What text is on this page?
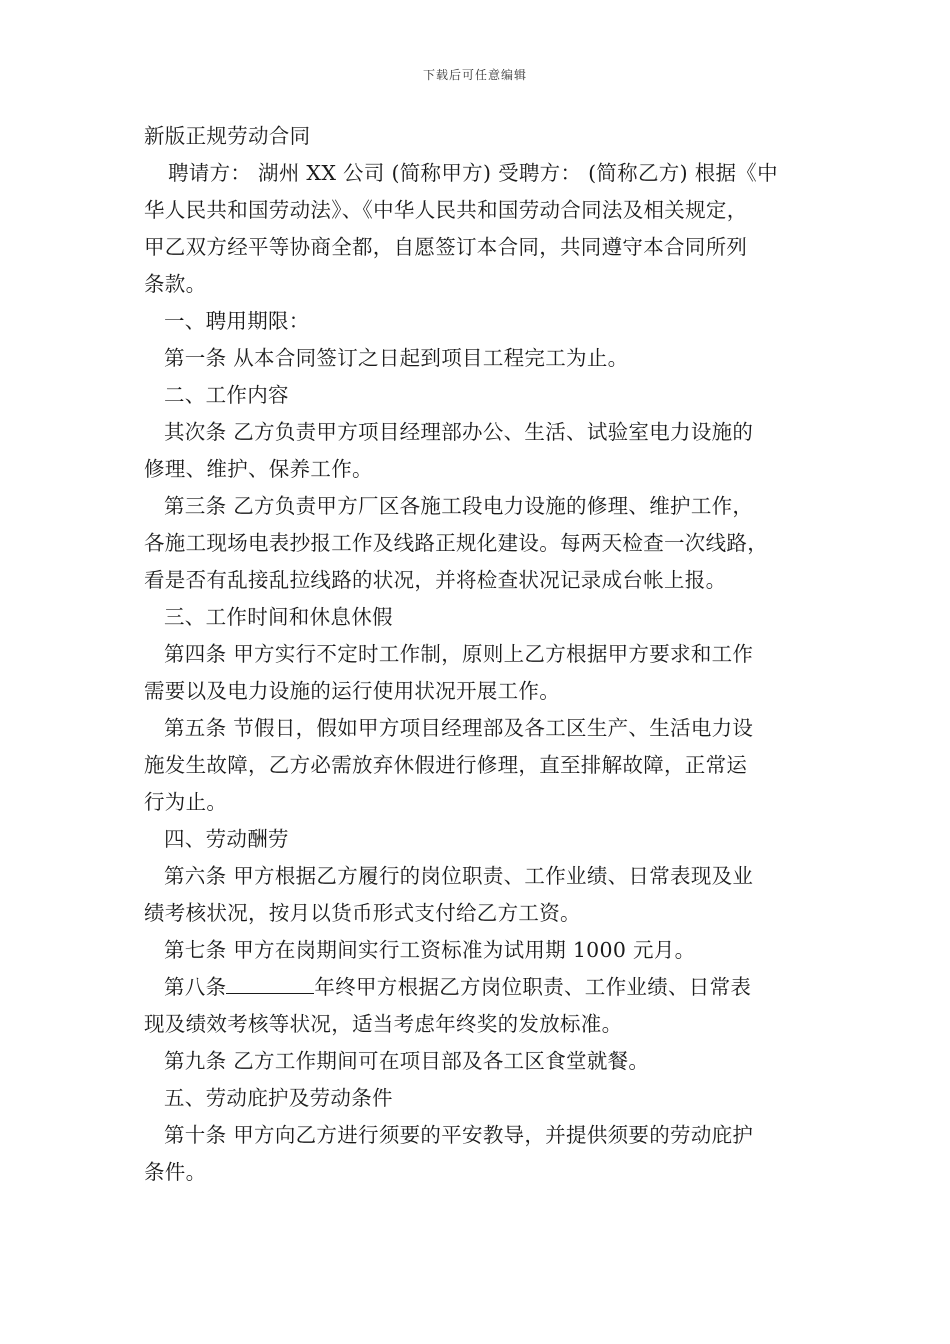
下载后可任意编辑
新版正规劳动合同
聘请方： 湖州 XX 公司 (简称甲方) 受聘方： (简称乙方) 根据《中
华人民共和国劳动法》、《中华人民共和国劳动合同法及相关规定，
甲乙双方经平等协商全都，自愿签订本合同，共同遵守本合同所列
条款。
一、聘用期限：
第一条 从本合同签订之日起到项目工程完工为止。
二、工作内容
其次条 乙方负责甲方项目经理部办公、生活、试验室电力设施的
修理、维护、保养工作。
第三条 乙方负责甲方厂区各施工段电力设施的修理、维护工作，
各施工现场电表抄报工作及线路正规化建设。每两天检查一次线路，
看是否有乱接乱拉线路的状况，并将检查状况记录成台帐上报。
三、工作时间和休息休假
第四条 甲方实行不定时工作制，原则上乙方根据甲方要求和工作
需要以及电力设施的运行使用状况开展工作。
第五条 节假日，假如甲方项目经理部及各工区生产、生活电力设
施发生故障，乙方必需放弃休假进行修理，直至排解故障，正常运
行为止。
四、劳动酬劳
第六条 甲方根据乙方履行的岗位职责、工作业绩、日常表现及业
绩考核状况，按月以货币形式支付给乙方工资。
第七条 甲方在岗期间实行工资标准为试用期 1000 元月。
第八条	年终甲方根据乙方岗位职责、工作业绩、日常表
现及绩效考核等状况，适当考虑年终奖的发放标准。
第九条 乙方工作期间可在项目部及各工区食堂就餐。
五、劳动庇护及劳动条件
第十条 甲方向乙方进行须要的平安教导，并提供须要的劳动庇护
条件。
